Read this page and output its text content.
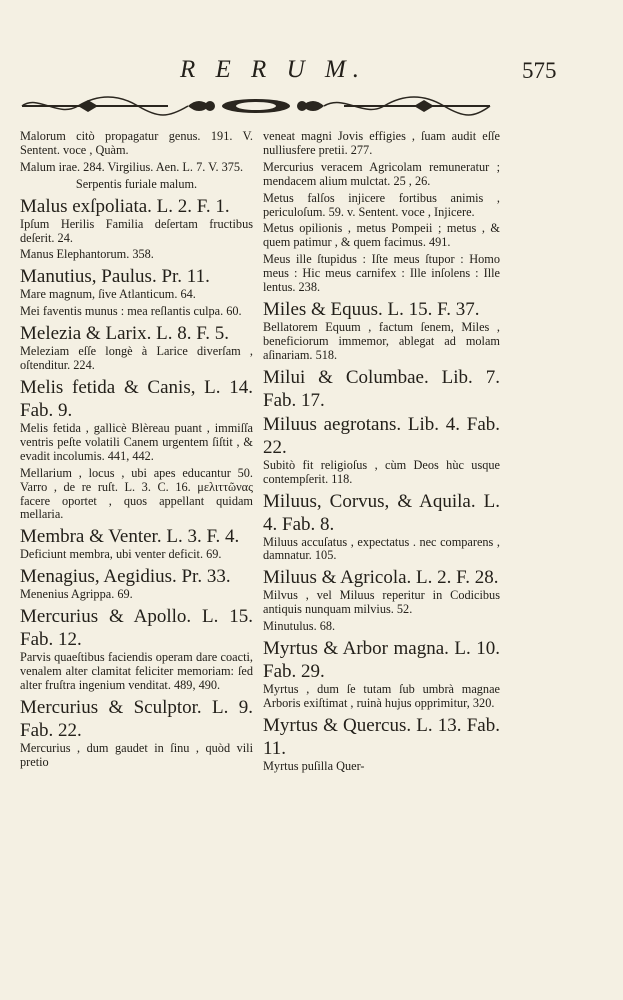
R E R U M.	575
Malorum citò propagatur genus. 191. V. Sentent. voce , Quàm.
Malum irae. 284. Virgilius. Aen. L. 7. V. 375.
Serpentis furiale malum.
Malus exſpoliata. L. 2. F. 1.
Ipſum Herilis Familia deſertam fructibus deſerit. 24.
Manus Elephantorum. 358.
Manutius, Paulus. Pr. 11.
Mare magnum, ſive Atlanticum. 64.
Mei faventis munus : mea reſlantis culpa. 60.
Melezia & Larix. L. 8. F. 5.
Meleziam eſſe longè à Larice diverſam , oſtenditur. 224.
Melis fetida & Canis, L. 14. Fab. 9.
Melis fetida , gallicè Blèreau puant , immiſſa ventris peſte volatili Canem urgentem ſiſtit , & evadit incolumis. 441, 442.
Mellarium , locus , ubi apes educantur 50. Varro , de re ruſt. L. 3. C. 16. μελιττῶνας facere oportet , quos appellant quidam mellaria.
Membra & Venter. L. 3. F. 4.
Deficiunt membra, ubi venter deficit. 69.
Menagius, Aegidius. Pr. 33.
Menenius Agrippa. 69.
Mercurius & Apollo. L. 15. Fab. 12.
Parvis quaeſtibus faciendis operam dare coacti, venalem alter clamitat feliciter memoriam: ſed alter fruſtra ingenium venditat. 489, 490.
Mercurius & Sculptor. L. 9. Fab. 22.
Mercurius , dum gaudet in ſinu , quòd vili pretio
veneat magni Jovis effigies , ſuam audit eſſe nulliusfere pretii. 277.
Mercurius veracem Agricolam remuneratur ; mendacem alium mulctat. 25 , 26.
Metus falſos injicere fortibus animis , periculoſum. 59. v. Sentent. voce , Injicere.
Metus opilionis , metus Pompeii ; metus , & quem patimur , & quem facimus. 491.
Meus ille ſtupidus : Iſte meus ſtupor : Homo meus : Hic meus carnifex : Ille inſolens : Ille lentus. 238.
Miles & Equus. L. 15. F. 37.
Bellatorem Equum , factum ſenem, Miles , beneficiorum immemor, ablegat ad molam aſinariam. 518.
Milui & Columbae. Lib. 7. Fab. 17.
Miluus aegrotans. Lib. 4. Fab. 22.
Subitò fit religioſus , cùm Deos hùc usque contempſerit. 118.
Miluus, Corvus, & Aquila. L. 4. Fab. 8.
Miluus accuſatus , expectatus . nec comparens , damnatur. 105.
Miluus & Agricola. L. 2. F. 28.
Milvus , vel Miluus reperitur in Codicibus antiquis nunquam milvius. 52.
Minutulus. 68.
Myrtus & Arbor magna. L. 10. Fab. 29.
Myrtus , dum ſe tutam ſub umbrà magnae Arboris exiſtimat , ruinà hujus opprimitur, 320.
Myrtus & Quercus. L. 13. Fab. 11.
Myrtus puſilla Quer-
